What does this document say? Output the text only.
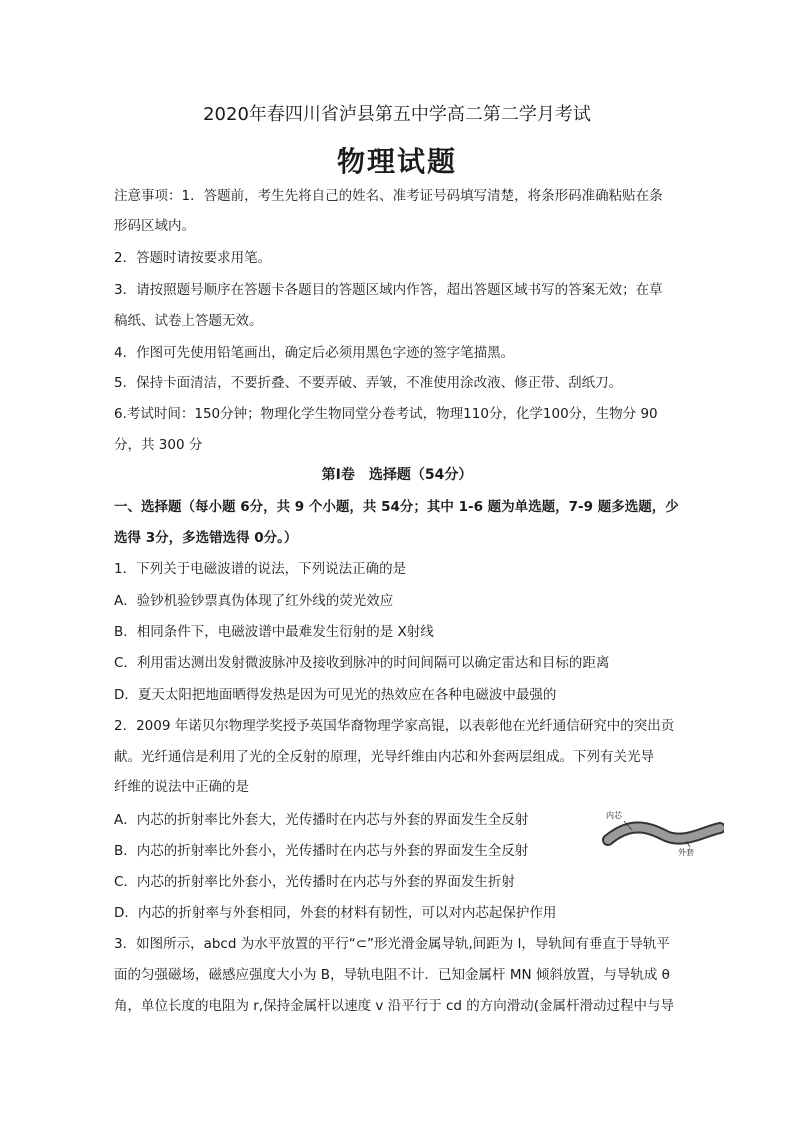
2020年春四川省泸县第五中学高二第二学月考试
物理试题
注意事项：1．答题前，考生先将自己的姓名、准考证号码填写清楚，将条形码准确粘贴在条
形码区域内。
2．答题时请按要求用笔。
3．请按照题号顺序在答题卡各题目的答题区域内作答，超出答题区域书写的答案无效；在草
稿纸、试卷上答题无效。
4．作图可先使用铅笔画出，确定后必须用黑色字迹的签字笔描黑。
5．保持卡面清洁，不要折叠、不要弄破、弄皱，不准使用涂改液、修正带、刮纸刀。
6.考试时间：150分钟；物理化学生物同堂分卷考试，物理110分，化学100分，生物分 90
分，共 300 分
第Ⅰ卷　选择题（54分）
一、选择题（每小题 6分，共 9 个小题，共 54分；其中 1-6 题为单选题，7-9 题多选题，少
选得 3分，多选错选得 0分。）
1．下列关于电磁波谱的说法，下列说法正确的是
A．验钞机验钞票真伪体现了红外线的荧光效应
B．相同条件下，电磁波谱中最难发生衍射的是 X射线
C．利用雷达测出发射微波脉冲及接收到脉冲的时间间隔可以确定雷达和目标的距离
D．夏天太阳把地面晒得发热是因为可见光的热效应在各种电磁波中最强的
2．2009 年诺贝尔物理学奖授予英国华裔物理学家高锟，以表彰他在光纤通信研究中的突出贡
献。光纤通信是利用了光的全反射的原理，光导纤维由内芯和外套两层组成。下列有关光导
纤维的说法中正确的是
A．内芯的折射率比外套大，光传播时在内芯与外套的界面发生全反射
B．内芯的折射率比外套小，光传播时在内芯与外套的界面发生全反射
C．内芯的折射率比外套小，光传播时在内芯与外套的界面发生折射
D．内芯的折射率与外套相同，外套的材料有韧性，可以对内芯起保护作用
内芯
外套
3．如图所示，abcd 为水平放置的平行“⊂”形光滑金属导轨,间距为 l，导轨间有垂直于导轨平
面的匀强磁场，磁感应强度大小为 B，导轨电阻不计．已知金属杆 MN 倾斜放置，与导轨成 θ
角，单位长度的电阻为 r,保持金属杆以速度 v 沿平行于 cd 的方向滑动(金属杆滑动过程中与导
